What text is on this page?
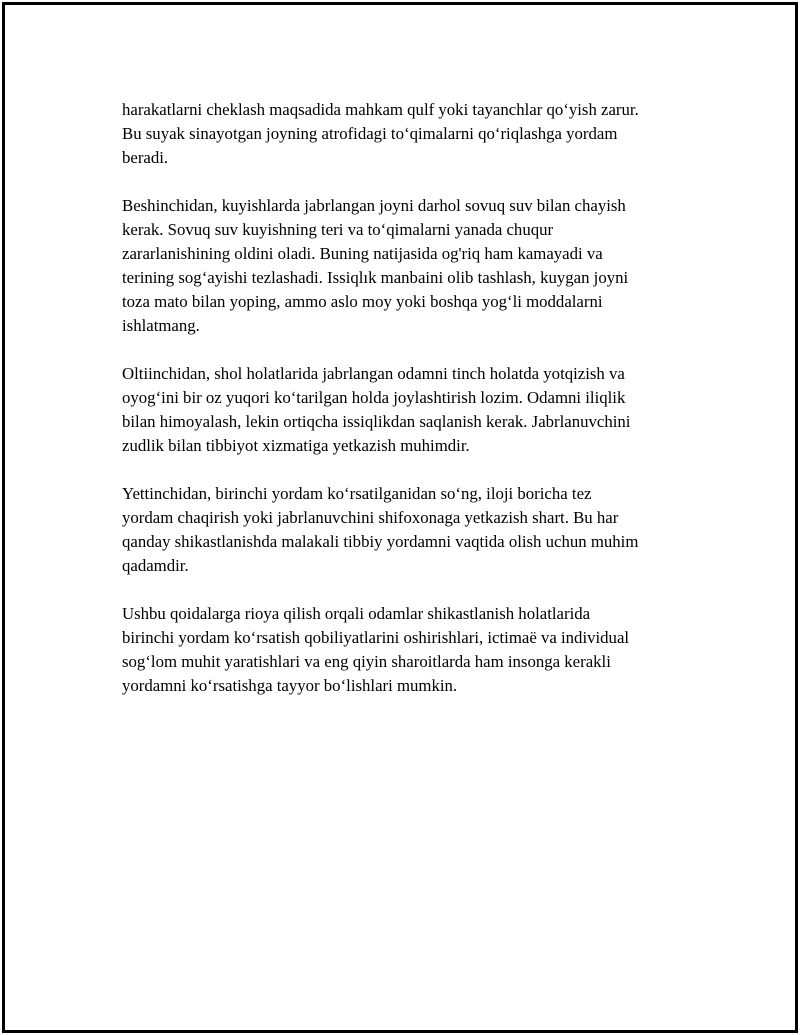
harakatlarni cheklash maqsadida mahkam qulf yoki tayanchlar qo‘yish zarur.
Bu suyak sinayotgan joyning atrofidagi to‘qimalarni qo‘riqlashga yordam
beradi.

Beshinchidan, kuyishlarda jabrlangan joyni darhol sovuq suv bilan chayish
kerak. Sovuq suv kuyishning teri va to‘qimalarni yanada chuqur
zararlanishining oldini oladi. Buning natijasida og'riq ham kamayadi va
terining sog‘ayishi tezlashadi. Issiqlık manbaini olib tashlash, kuygan joyni
toza mato bilan yoping, ammo aslo moy yoki boshqa yog‘li moddalarni
ishlatmang.

Oltiinchidan, shol holatlarida jabrlangan odamni tinch holatda yotqizish va
oyog‘ini bir oz yuqori ko‘tarilgan holda joylashtirish lozim. Odamni iliqlik
bilan himoyalash, lekin ortiqcha issiqlikdan saqlanish kerak. Jabrlanuvchini
zudlik bilan tibbiyot xizmatiga yetkazish muhimdir.

Yettinchidan, birinchi yordam ko‘rsatilganidan so‘ng, iloji boricha tez
yordam chaqirish yoki jabrlanuvchini shifoxonaga yetkazish shart. Bu har
qanday shikastlanishda malakali tibbiy yordamni vaqtida olish uchun muhim
qadamdir.

Ushbu qoidalarga rioya qilish orqali odamlar shikastlanish holatlarida
birinchi yordam ko‘rsatish qobiliyatlarini oshirishlari, ictimaë va individual
sog‘lom muhit yaratishlari va eng qiyin sharoitlarda ham insonga kerakli
yordamni ko‘rsatishga tayyor bo‘lishlari mumkin.
